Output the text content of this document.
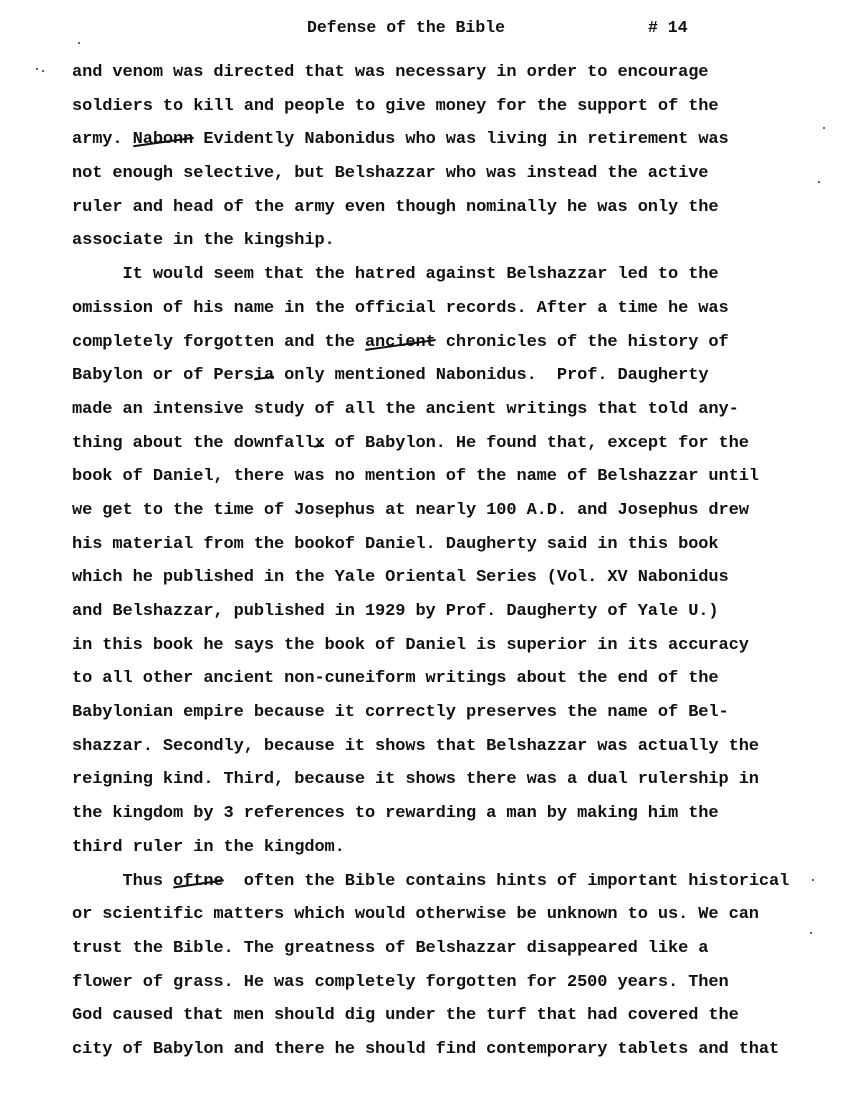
Defense of the Bible	# 14
and venom was directed that was necessary in order to encourage
soldiers to kill and people to give money for the support of the
army. Nabonn Evidently Nabonidus who was living in retirement was
not enough selective, but Belshazzar who was instead the active
ruler and head of the army even though nominally he was only the
associate in the kingship.
It would seem that the hatred against Belshazzar led to the
omission of his name in the official records. After a time he was
completely forgotten and the ancient chronicles of the history of
Babylon or of Persia only mentioned Nabonidus.  Prof. Daugherty
made an intensive study of all the ancient writings that told any-
thing about the downfallx of Babylon. He found that, except for the
book of Daniel, there was no mention of the name of Belshazzar until
we get to the time of Josephus at nearly 100 A.D. and Josephus drew
his material from the bookof Daniel. Daugherty said in this book
which he published in the Yale Oriental Series (Vol. XV Nabonidus
and Belshazzar, published in 1929 by Prof. Daugherty of Yale U.)
in this book he says the book of Daniel is superior in its accuracy
to all other ancient non-cuneiform writings about the end of the
Babylonian empire because it correctly preserves the name of Bel-
shazzar. Secondly, because it shows that Belshazzar was actually the
reigning kind. Third, because it shows there was a dual rulership in
the kingdom by 3 references to rewarding a man by making him the
third ruler in the kingdom.
Thus oftne  often the Bible contains hints of important historical
or scientific matters which would otherwise be unknown to us. We can
trust the Bible. The greatness of Belshazzar disappeared like a
flower of grass. He was completely forgotten for 2500 years. Then
God caused that men should dig under the turf that had covered the
city of Babylon and there he should find contemporary tablets and that
